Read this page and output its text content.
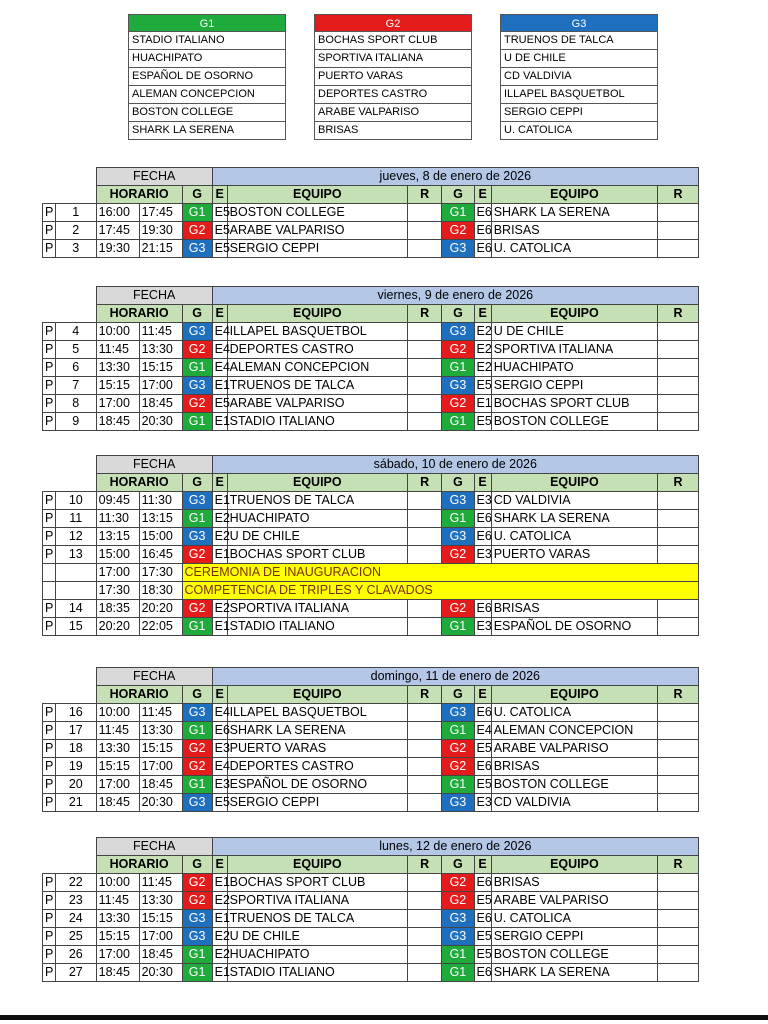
G1
STADIO ITALIANO
HUACHIPATO
ESPAÑOL DE OSORNO
ALEMAN CONCEPCION
BOSTON COLLEGE
SHARK LA SERENA
G2
BOCHAS SPORT CLUB
SPORTIVA ITALIANA
PUERTO VARAS
DEPORTES CASTRO
ARABE VALPARISO
BRISAS
G3
TRUENOS DE TALCA
U DE CHILE
CD VALDIVIA
ILLAPEL BASQUETBOL
SERGIO CEPPI
U. CATOLICA
		FECHA			jueves, 8 de enero de 2026						
		HORARIO		G	E	EQUIPO	R	G	E	EQUIPO	R
P	1	16:00	17:45	G1	E5	BOSTON COLLEGE		G1	E6	SHARK LA SERENA	
P	2	17:45	19:30	G2	E5	ARABE VALPARISO		G2	E6	BRISAS	
P	3	19:30	21:15	G3	E5	SERGIO CEPPI		G3	E6	U. CATOLICA	
		FECHA			viernes, 9 de enero de 2026						
		HORARIO		G	E	EQUIPO	R	G	E	EQUIPO	R
P	4	10:00	11:45	G3	E4	ILLAPEL BASQUETBOL		G3	E2	U DE CHILE	
P	5	11:45	13:30	G2	E4	DEPORTES CASTRO		G2	E2	SPORTIVA ITALIANA	
P	6	13:30	15:15	G1	E4	ALEMAN CONCEPCION		G1	E2	HUACHIPATO	
P	7	15:15	17:00	G3	E1	TRUENOS DE TALCA		G3	E5	SERGIO CEPPI	
P	8	17:00	18:45	G2	E5	ARABE VALPARISO		G2	E1	BOCHAS SPORT CLUB	
P	9	18:45	20:30	G1	E1	STADIO ITALIANO		G1	E5	BOSTON COLLEGE	
		FECHA			sábado, 10 de enero de 2026						
		HORARIO		G	E	EQUIPO	R	G	E	EQUIPO	R
P	10	09:45	11:30	G3	E1	TRUENOS DE TALCA		G3	E3	CD VALDIVIA	
P	11	11:30	13:15	G1	E2	HUACHIPATO		G1	E6	SHARK LA SERENA	
P	12	13:15	15:00	G3	E2	U DE CHILE		G3	E6	U. CATOLICA	
P	13	15:00	16:45	G2	E1	BOCHAS SPORT CLUB		G2	E3	PUERTO VARAS	
		17:00	17:30	CEREMONIA DE INAUGURACION							
		17:30	18:30	COMPETENCIA DE TRIPLES Y CLAVADOS							
P	14	18:35	20:20	G2	E2	SPORTIVA ITALIANA		G2	E6	BRISAS	
P	15	20:20	22:05	G1	E1	STADIO ITALIANO		G1	E3	ESPAÑOL DE OSORNO	
		FECHA			domingo, 11 de enero de 2026						
		HORARIO		G	E	EQUIPO	R	G	E	EQUIPO	R
P	16	10:00	11:45	G3	E4	ILLAPEL BASQUETBOL		G3	E6	U. CATOLICA	
P	17	11:45	13:30	G1	E6	SHARK LA SERENA		G1	E4	ALEMAN CONCEPCION	
P	18	13:30	15:15	G2	E3	PUERTO VARAS		G2	E5	ARABE VALPARISO	
P	19	15:15	17:00	G2	E4	DEPORTES CASTRO		G2	E6	BRISAS	
P	20	17:00	18:45	G1	E3	ESPAÑOL DE OSORNO		G1	E5	BOSTON COLLEGE	
P	21	18:45	20:30	G3	E5	SERGIO CEPPI		G3	E3	CD VALDIVIA	
		FECHA			lunes, 12 de enero de 2026						
		HORARIO		G	E	EQUIPO	R	G	E	EQUIPO	R
P	22	10:00	11:45	G2	E1	BOCHAS SPORT CLUB		G2	E6	BRISAS	
P	23	11:45	13:30	G2	E2	SPORTIVA ITALIANA		G2	E5	ARABE VALPARISO	
P	24	13:30	15:15	G3	E1	TRUENOS DE TALCA		G3	E6	U. CATOLICA	
P	25	15:15	17:00	G3	E2	U DE CHILE		G3	E5	SERGIO CEPPI	
P	26	17:00	18:45	G1	E2	HUACHIPATO		G1	E5	BOSTON COLLEGE	
P	27	18:45	20:30	G1	E1	STADIO ITALIANO		G1	E6	SHARK LA SERENA	
